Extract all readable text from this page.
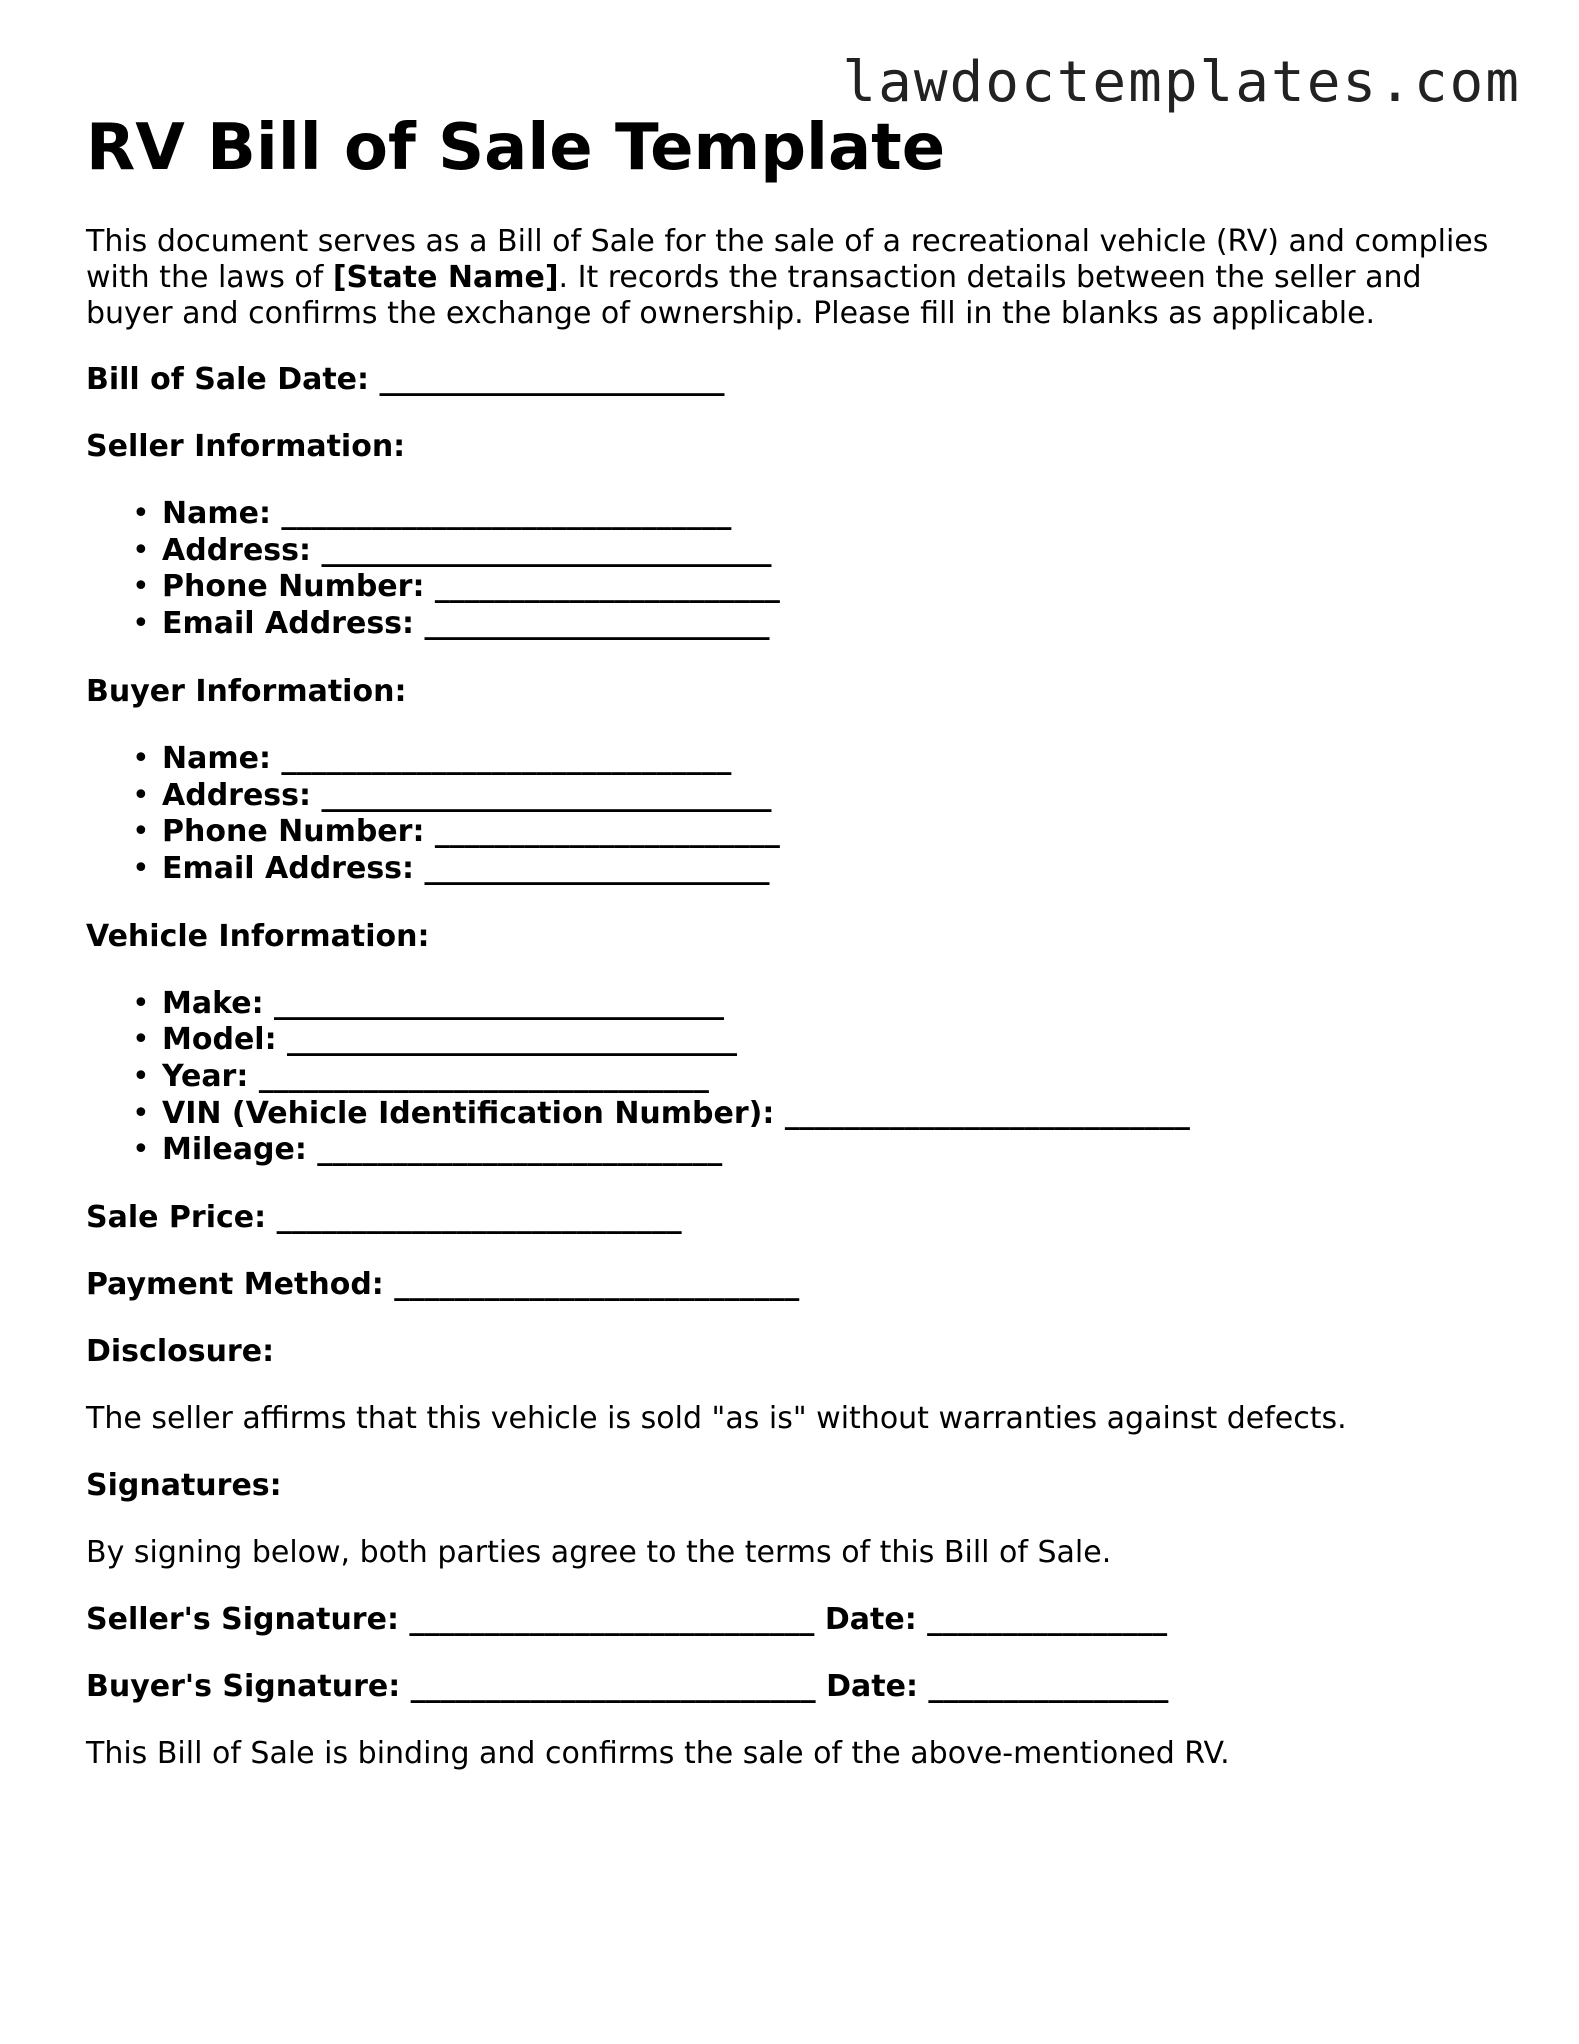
lawdoctemplates.com
RV Bill of Sale Template

This document serves as a Bill of Sale for the sale of a recreational vehicle (RV) and complies with the laws of [State Name]. It records the transaction details between the seller and buyer and confirms the exchange of ownership. Please fill in the blanks as applicable.

Bill of Sale Date: _______________________
Seller Information:
• Name: ______________________________
• Address: ______________________________
• Phone Number: _______________________
• Email Address: _______________________
Buyer Information:
• Name: ______________________________
• Address: ______________________________
• Phone Number: _______________________
• Email Address: _______________________
Vehicle Information:
• Make: ______________________________
• Model: ______________________________
• Year: ______________________________
• VIN (Vehicle Identification Number): ___________________________
• Mileage: ___________________________
Sale Price: ___________________________
Payment Method: ___________________________
Disclosure:
The seller affirms that this vehicle is sold "as is" without warranties against defects.
Signatures:
By signing below, both parties agree to the terms of this Bill of Sale.
Seller's Signature: ___________________________ Date: ________________
Buyer's Signature: ___________________________ Date: ________________
This Bill of Sale is binding and confirms the sale of the above-mentioned RV.
